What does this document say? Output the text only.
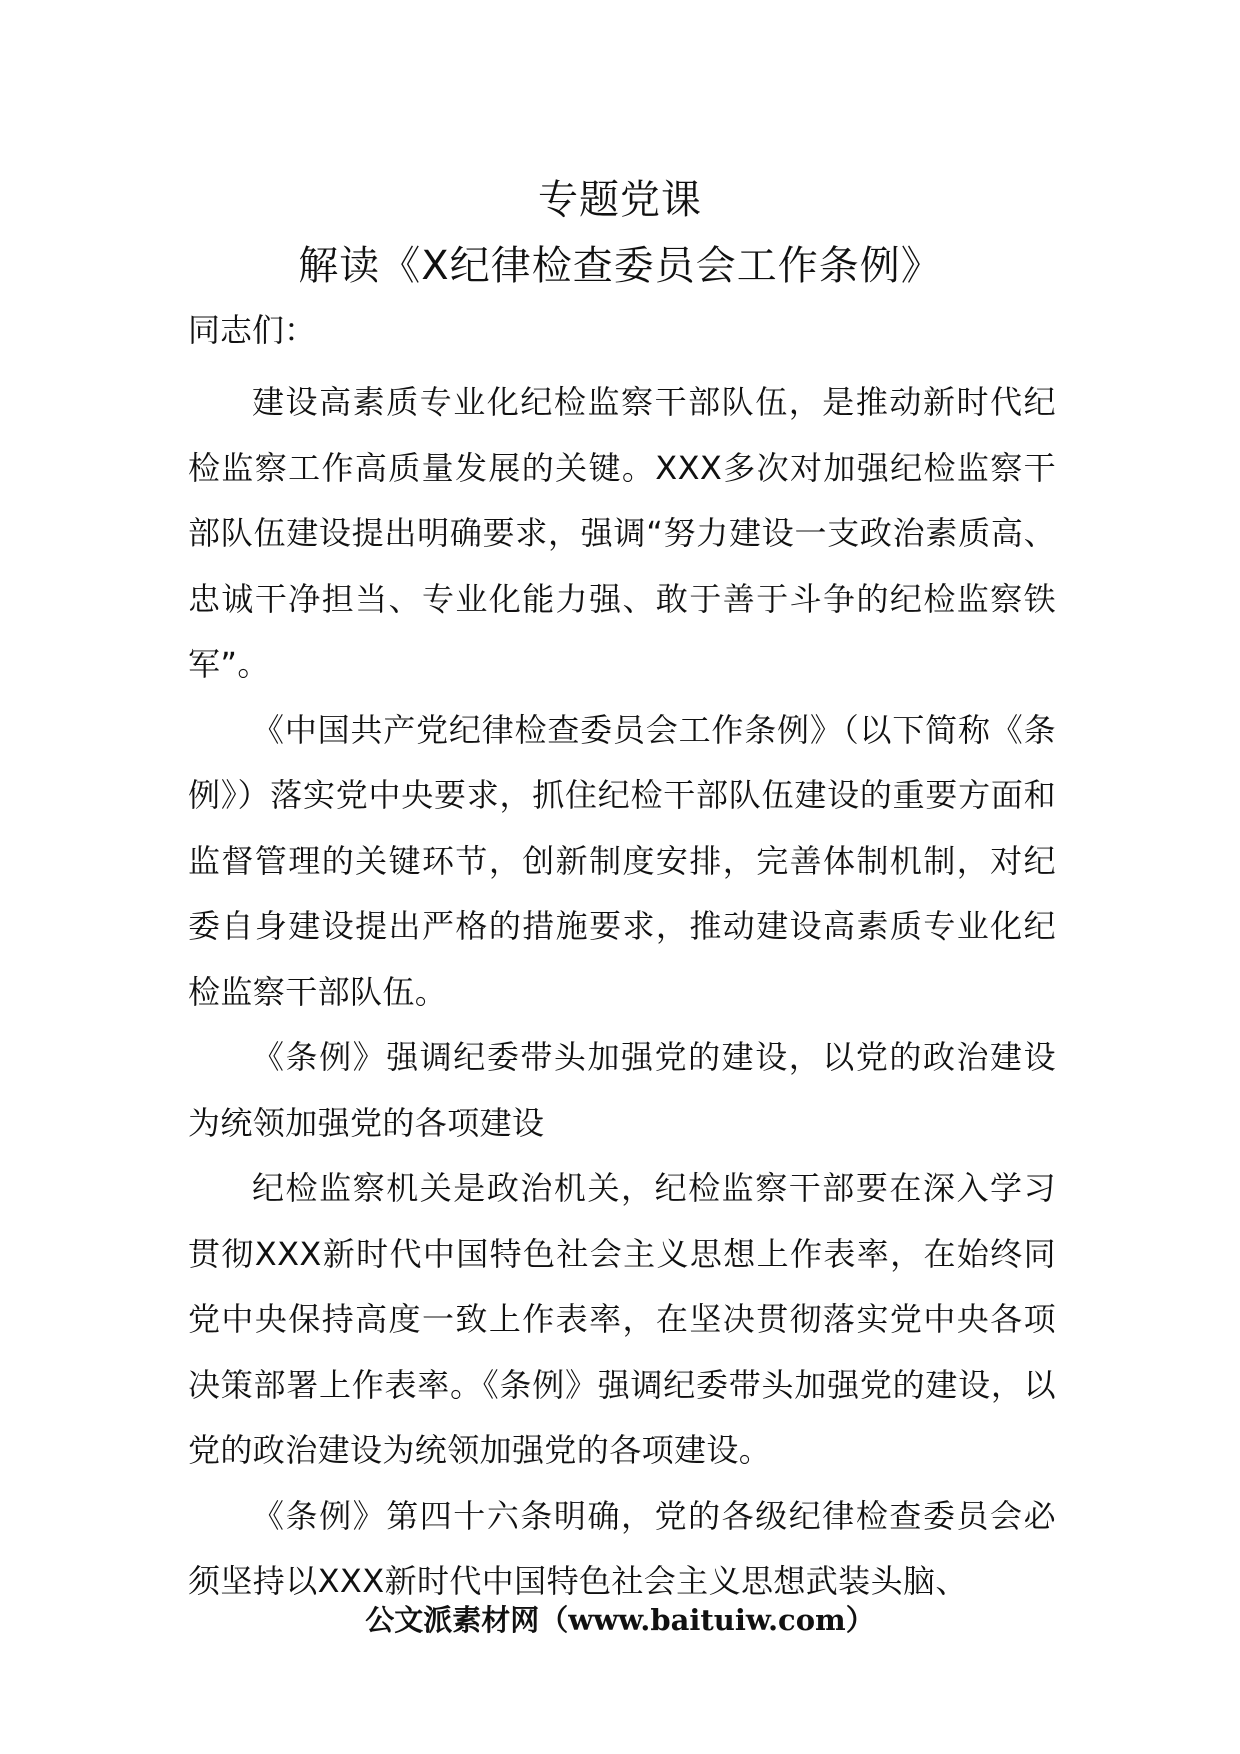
专题党课
解读《X纪律检查委员会工作条例》
同志们：

建设高素质专业化纪检监察干部队伍，是推动新时代纪检监察工作高质量发展的关键。XXX多次对加强纪检监察干部队伍建设提出明确要求，强调“努力建设一支政治素质高、忠诚干净担当、专业化能力强、敢于善于斗争的纪检监察铁军”。

《中国共产党纪律检查委员会工作条例》（以下简称《条例》）落实党中央要求，抓住纪检干部队伍建设的重要方面和监督管理的关键环节，创新制度安排，完善体制机制，对纪委自身建设提出严格的措施要求，推动建设高素质专业化纪检监察干部队伍。

《条例》强调纪委带头加强党的建设，以党的政治建设为统领加强党的各项建设

纪检监察机关是政治机关，纪检监察干部要在深入学习贯彻XXX新时代中国特色社会主义思想上作表率，在始终同党中央保持高度一致上作表率，在坚决贯彻落实党中央各项决策部署上作表率。《条例》强调纪委带头加强党的建设，以党的政治建设为统领加强党的各项建设。

《条例》第四十六条明确，党的各级纪律检查委员会必须坚持以XXX新时代中国特色社会主义思想武装头脑、

公文派素材网（www.baituiw.com）
